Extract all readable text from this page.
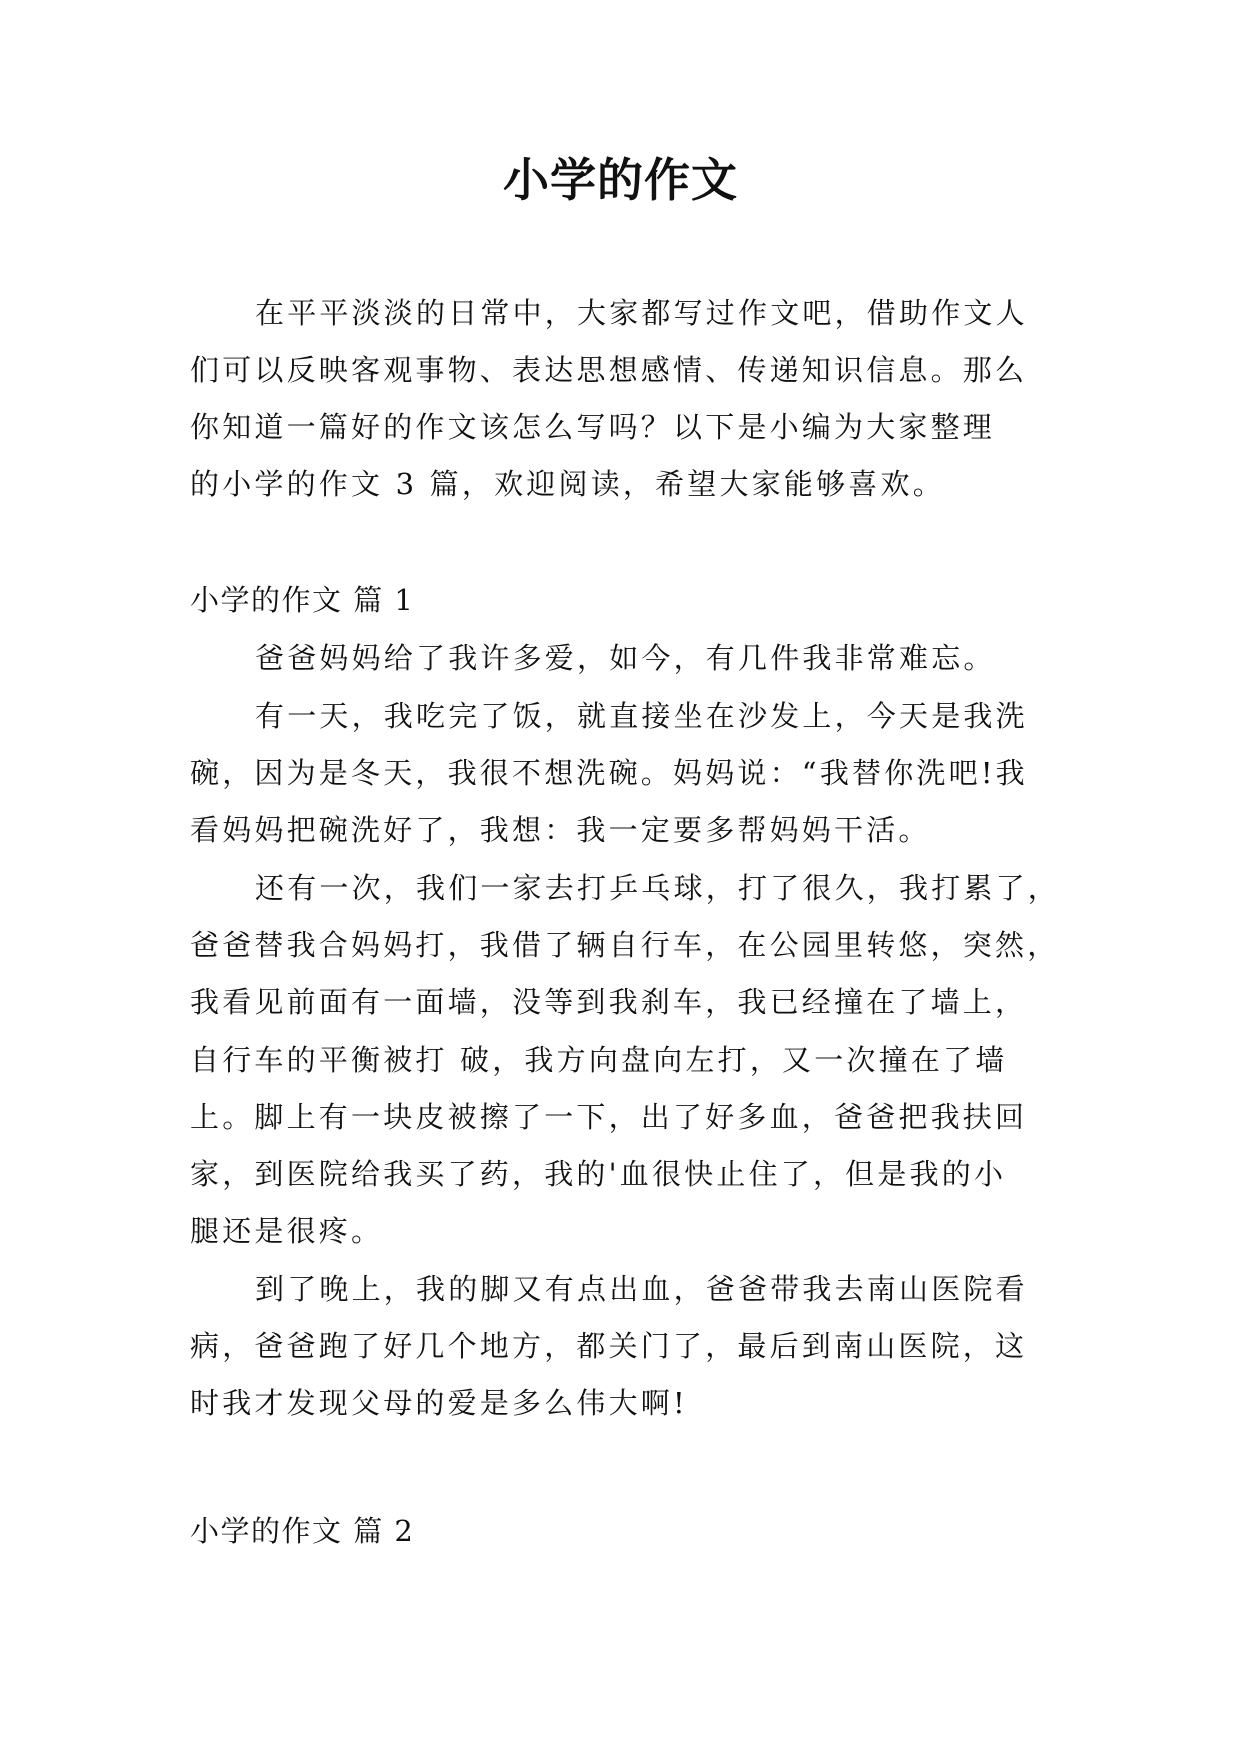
小学的作文
在平平淡淡的日常中，大家都写过作文吧，借助作文人
们可以反映客观事物、表达思想感情、传递知识信息。那么
你知道一篇好的作文该怎么写吗？以下是小编为大家整理
的小学的作文 3 篇，欢迎阅读，希望大家能够喜欢。
小学的作文 篇 1
爸爸妈妈给了我许多爱，如今，有几件我非常难忘。
有一天，我吃完了饭，就直接坐在沙发上，今天是我洗
碗，因为是冬天，我很不想洗碗。妈妈说：“我替你洗吧!我
看妈妈把碗洗好了，我想：我一定要多帮妈妈干活。
还有一次，我们一家去打乒乓球，打了很久，我打累了，
爸爸替我合妈妈打，我借了辆自行车，在公园里转悠，突然，
我看见前面有一面墙，没等到我刹车，我已经撞在了墙上，
自行车的平衡被打 破，我方向盘向左打，又一次撞在了墙
上。脚上有一块皮被擦了一下，出了好多血，爸爸把我扶回
家，到医院给我买了药，我的'血很快止住了，但是我的小
腿还是很疼。
到了晚上，我的脚又有点出血，爸爸带我去南山医院看
病，爸爸跑了好几个地方，都关门了，最后到南山医院，这
时我才发现父母的爱是多么伟大啊!
小学的作文 篇 2
